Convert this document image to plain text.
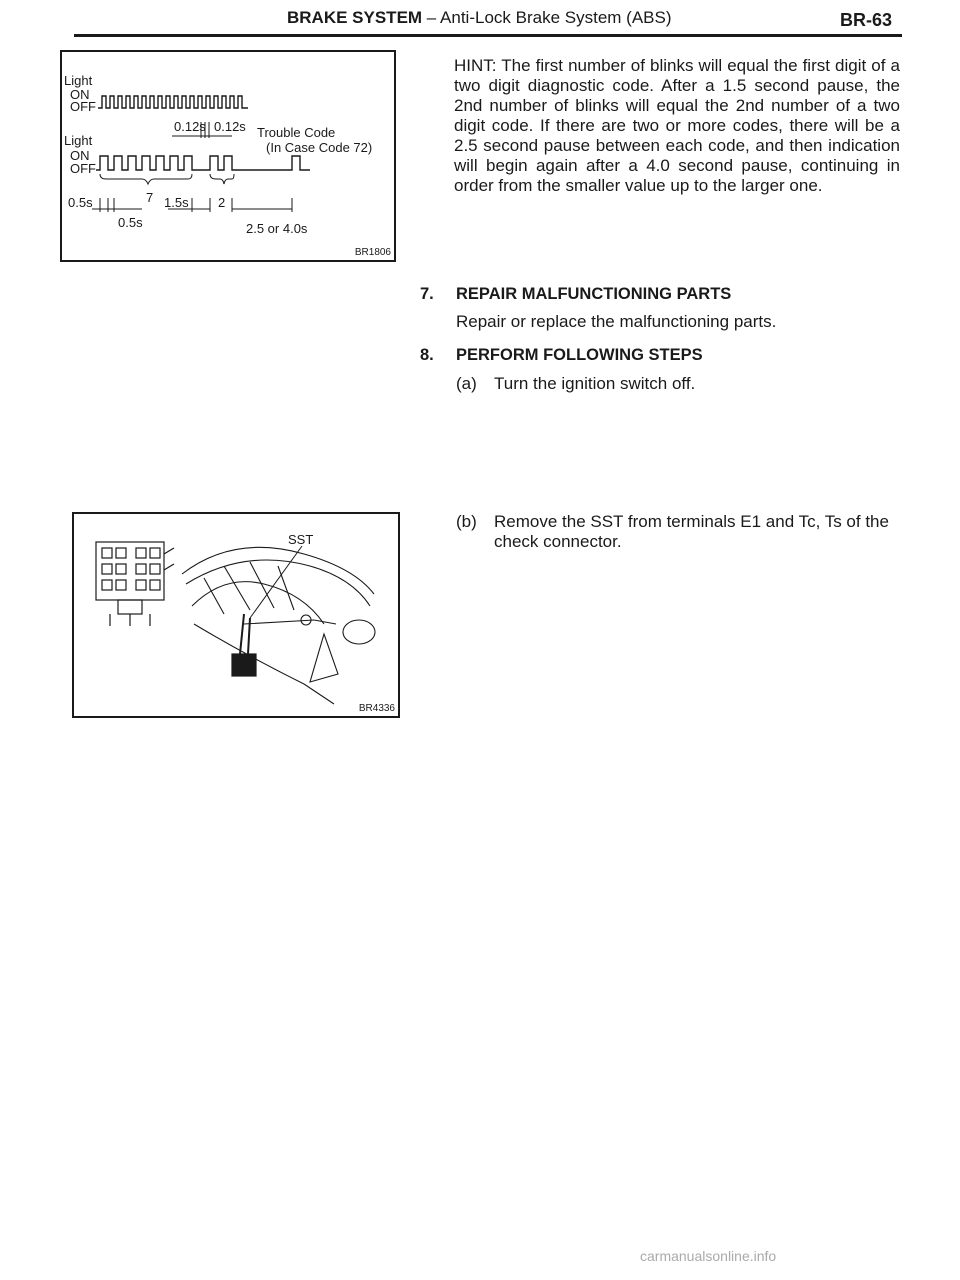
BRAKE SYSTEM – Anti-Lock Brake System (ABS)	BR-63
Light
ON
OFF
0.12s 0.12s Trouble Code
(In Case Code 72)
Light
ON
OFF
0.5s	7 1.5s 2
0.5s	2.5 or 4.0s
BR1806
HINT: The first number of blinks will equal the first digit of a two digit diagnostic code. After a 1.5 second pause, the 2nd number of blinks will equal the 2nd number of a two digit code. If there are two or more codes, there will be a 2.5 second pause between each code, and then indication will begin again after a 4.0 second pause, continuing in order from the smaller value up to the larger one.
7. REPAIR MALFUNCTIONING PARTS
Repair or replace the malfunctioning parts.
8. PERFORM FOLLOWING STEPS
(a) Turn the ignition switch off.
(b)	Remove the SST from terminals E1 and Tc, Ts of the check connector.
SST
BR4336
carmanualsonline.info
